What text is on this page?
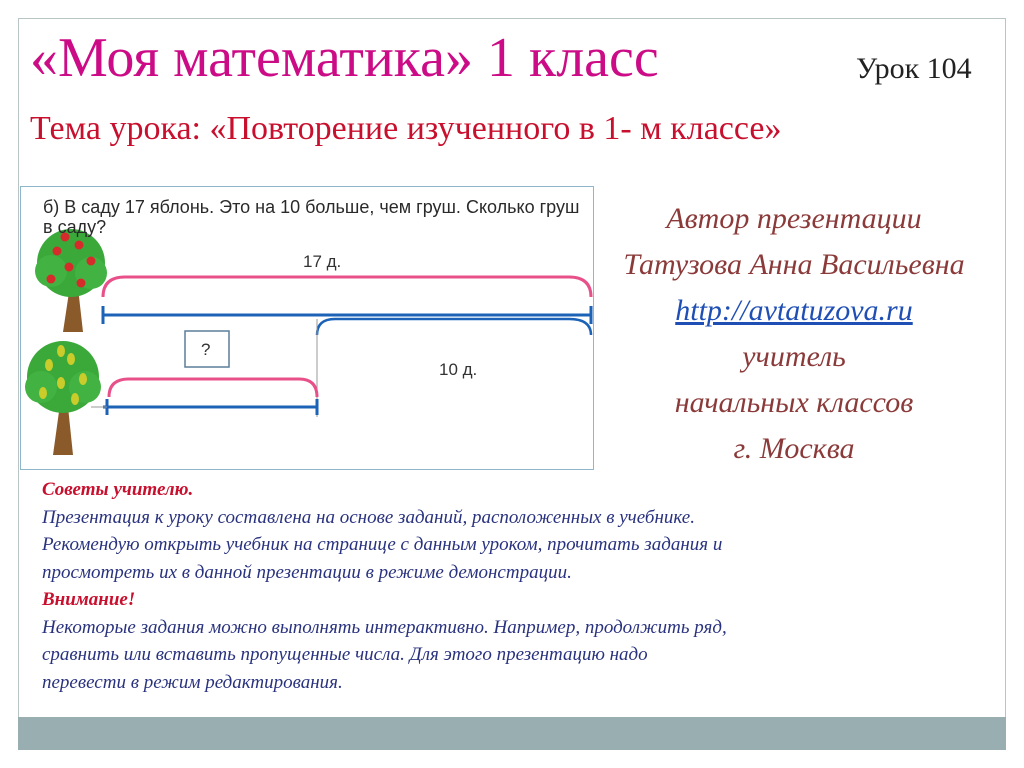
«Моя математика» 1 класс	Урок 104
Тема урока: «Повторение изученного в 1- м классе»
17 д.
10 д.
?

б) В саду 17 яблонь. Это на 10 больше, чем груш. Сколько груш в саду?	Автор презентации
Татузова Анна Васильевна
http://avtatuzova.ru
учитель
начальных классов
г. Москва
Советы учителю.
Презентация к уроку составлена на основе заданий, расположенных в учебнике.
Рекомендую открыть учебник на странице с данным уроком, прочитать задания и
просмотреть их в данной презентации в режиме демонстрации.
Внимание!
Некоторые задания можно выполнять интерактивно. Например, продолжить ряд,
сравнить или вставить пропущенные числа. Для этого презентацию надо
перевести в режим редактирования.
